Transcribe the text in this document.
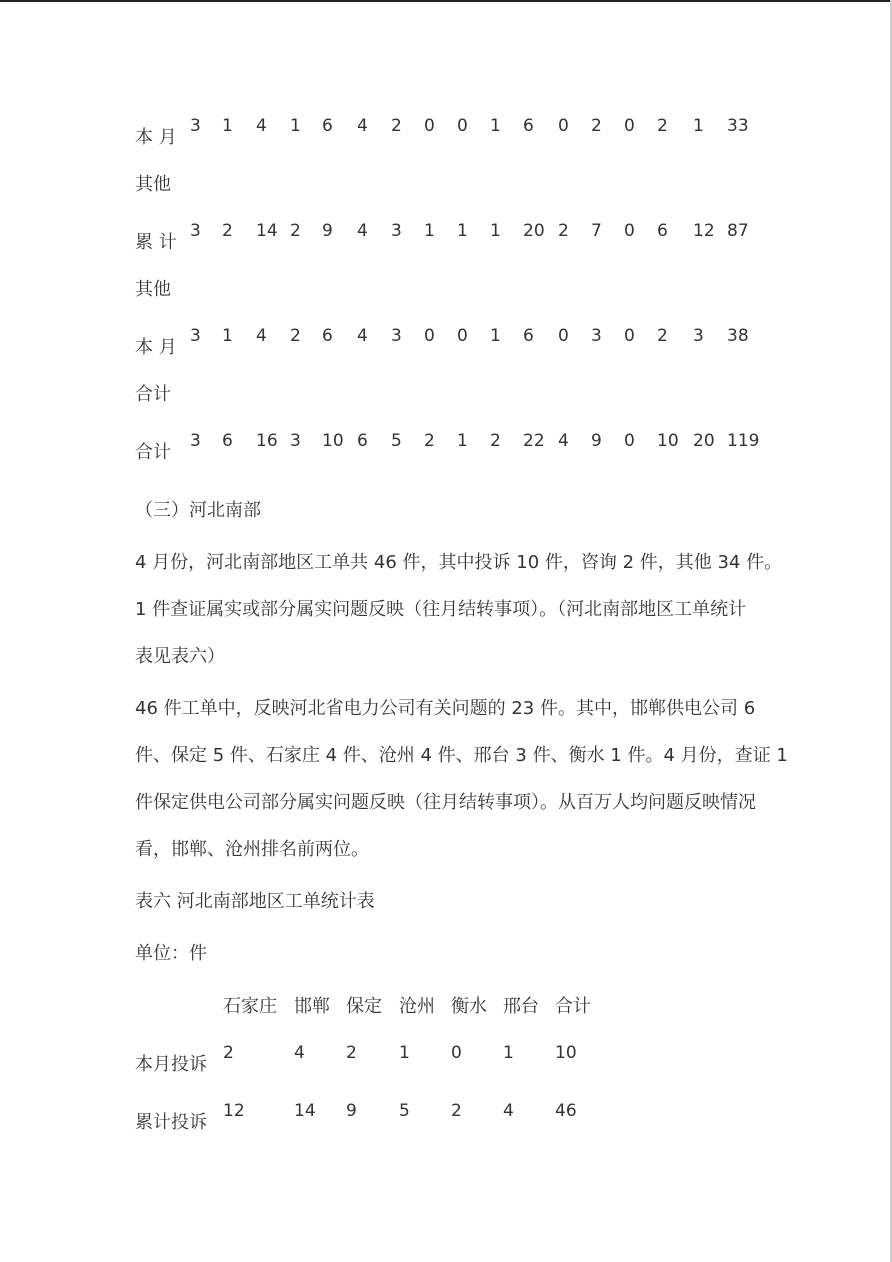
本 月
3 1 4 1 6 4 2 0 0 1 6 0 2 0 2 1 33
其他
累 计
3 2 14 2 9 4 3 1 1 1 20 2 7 0 6 12 87
其他
本 月
3 1 4 2 6 4 3 0 0 1 6 0 3 0 2 3 38
合计
合计
3 6 16 3 10 6 5 2 1 2 22 4 9 0 10 20 119
（三）河北南部
4 月份，河北南部地区工单共 46 件，其中投诉 10 件，咨询 2 件，其他 34 件。
1 件查证属实或部分属实问题反映（往月结转事项）。（河北南部地区工单统计
表见表六）
46 件工单中，反映河北省电力公司有关问题的 23 件。其中，邯郸供电公司 6
件、保定 5 件、石家庄 4 件、沧州 4 件、邢台 3 件、衡水 1 件。4 月份，查证 1
件保定供电公司部分属实问题反映（往月结转事项）。从百万人均问题反映情况
看，邯郸、沧州排名前两位。
表六 河北南部地区工单统计表
单位：件
石家庄 邯郸 保定 沧州 衡水 邢台 合计
本月投诉
2	4 2 1 0 1 10
累计投诉
12	14 9 5 2 4 46
